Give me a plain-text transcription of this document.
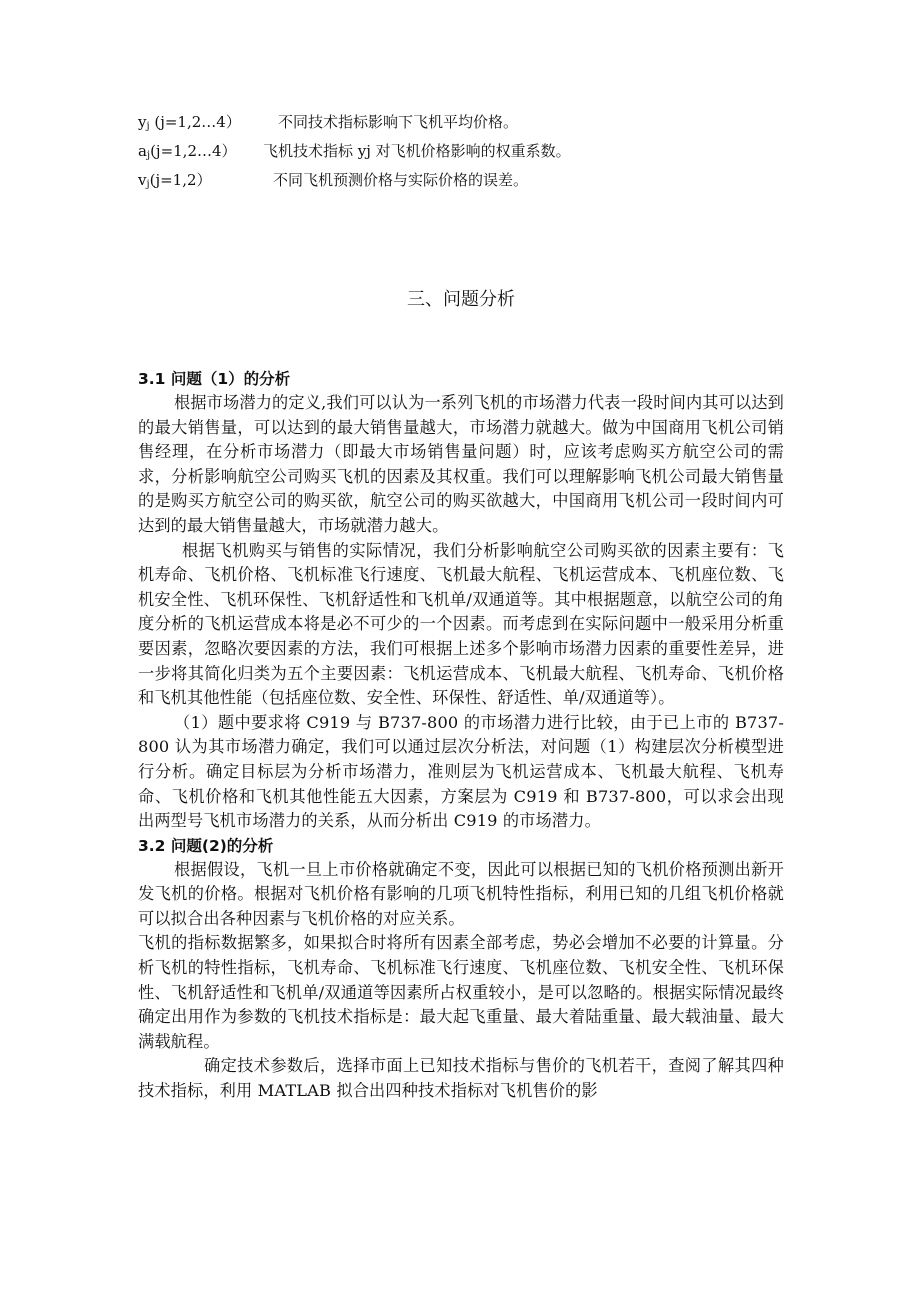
$y_j$ (j=1,2…4）	不同技术指标影响下飞机平均价格。
$a_j(j=1,2\dots 4)$	飞机技术指标 yj 对飞机价格影响的权重系数。
$v_j(j=1,2)$	不同飞机预测价格与实际价格的误差。
三、问题分析
3.1 问题（1）的分析

根据市场潜力的定义,我们可以认为一系列飞机的市场潜力代表一段时间内其可以达到的最大销售量，可以达到的最大销售量越大，市场潜力就越大。做为中国商用飞机公司销售经理，在分析市场潜力（即最大市场销售量问题）时，应该考虑购买方航空公司的需求，分析影响航空公司购买飞机的因素及其权重。我们可以理解影响飞机公司最大销售量的是购买方航空公司的购买欲，航空公司的购买欲越大，中国商用飞机公司一段时间内可达到的最大销售量越大，市场就潜力越大。

根据飞机购买与销售的实际情况，我们分析影响航空公司购买欲的因素主要有：飞机寿命、飞机价格、飞机标准飞行速度、飞机最大航程、飞机运营成本、飞机座位数、飞机安全性、飞机环保性、飞机舒适性和飞机单/双通道等。其中根据题意，以航空公司的角度分析的飞机运营成本将是必不可少的一个因素。而考虑到在实际问题中一般采用分析重要因素，忽略次要因素的方法，我们可根据上述多个影响市场潜力因素的重要性差异，进一步将其简化归类为五个主要因素：飞机运营成本、飞机最大航程、飞机寿命、飞机价格和飞机其他性能（包括座位数、安全性、环保性、舒适性、单/双通道等）。

（1）题中要求将 C919 与 B737-800 的市场潜力进行比较，由于已上市的 B737-800 认为其市场潜力确定，我们可以通过层次分析法，对问题（1）构建层次分析模型进行分析。确定目标层为分析市场潜力，准则层为飞机运营成本、飞机最大航程、飞机寿命、飞机价格和飞机其他性能五大因素，方案层为 C919 和 B737-800，可以求会出现出两型号飞机市场潜力的关系，从而分析出 C919 的市场潜力。

3.2 问题(2)的分析

根据假设，飞机一旦上市价格就确定不变，因此可以根据已知的飞机价格预测出新开发飞机的价格。根据对飞机价格有影响的几项飞机特性指标，利用已知的几组飞机价格就可以拟合出各种因素与飞机价格的对应关系。

飞机的指标数据繁多，如果拟合时将所有因素全部考虑，势必会增加不必要的计算量。分析飞机的特性指标，飞机寿命、飞机标准飞行速度、飞机座位数、飞机安全性、飞机环保性、飞机舒适性和飞机单/双通道等因素所占权重较小，是可以忽略的。根据实际情况最终确定出用作为参数的飞机技术指标是：最大起飞重量、最大着陆重量、最大载油量、最大满载航程。

确定技术参数后，选择市面上已知技术指标与售价的飞机若干，查阅了解其四种技术指标，利用 MATLAB 拟合出四种技术指标对飞机售价的影
